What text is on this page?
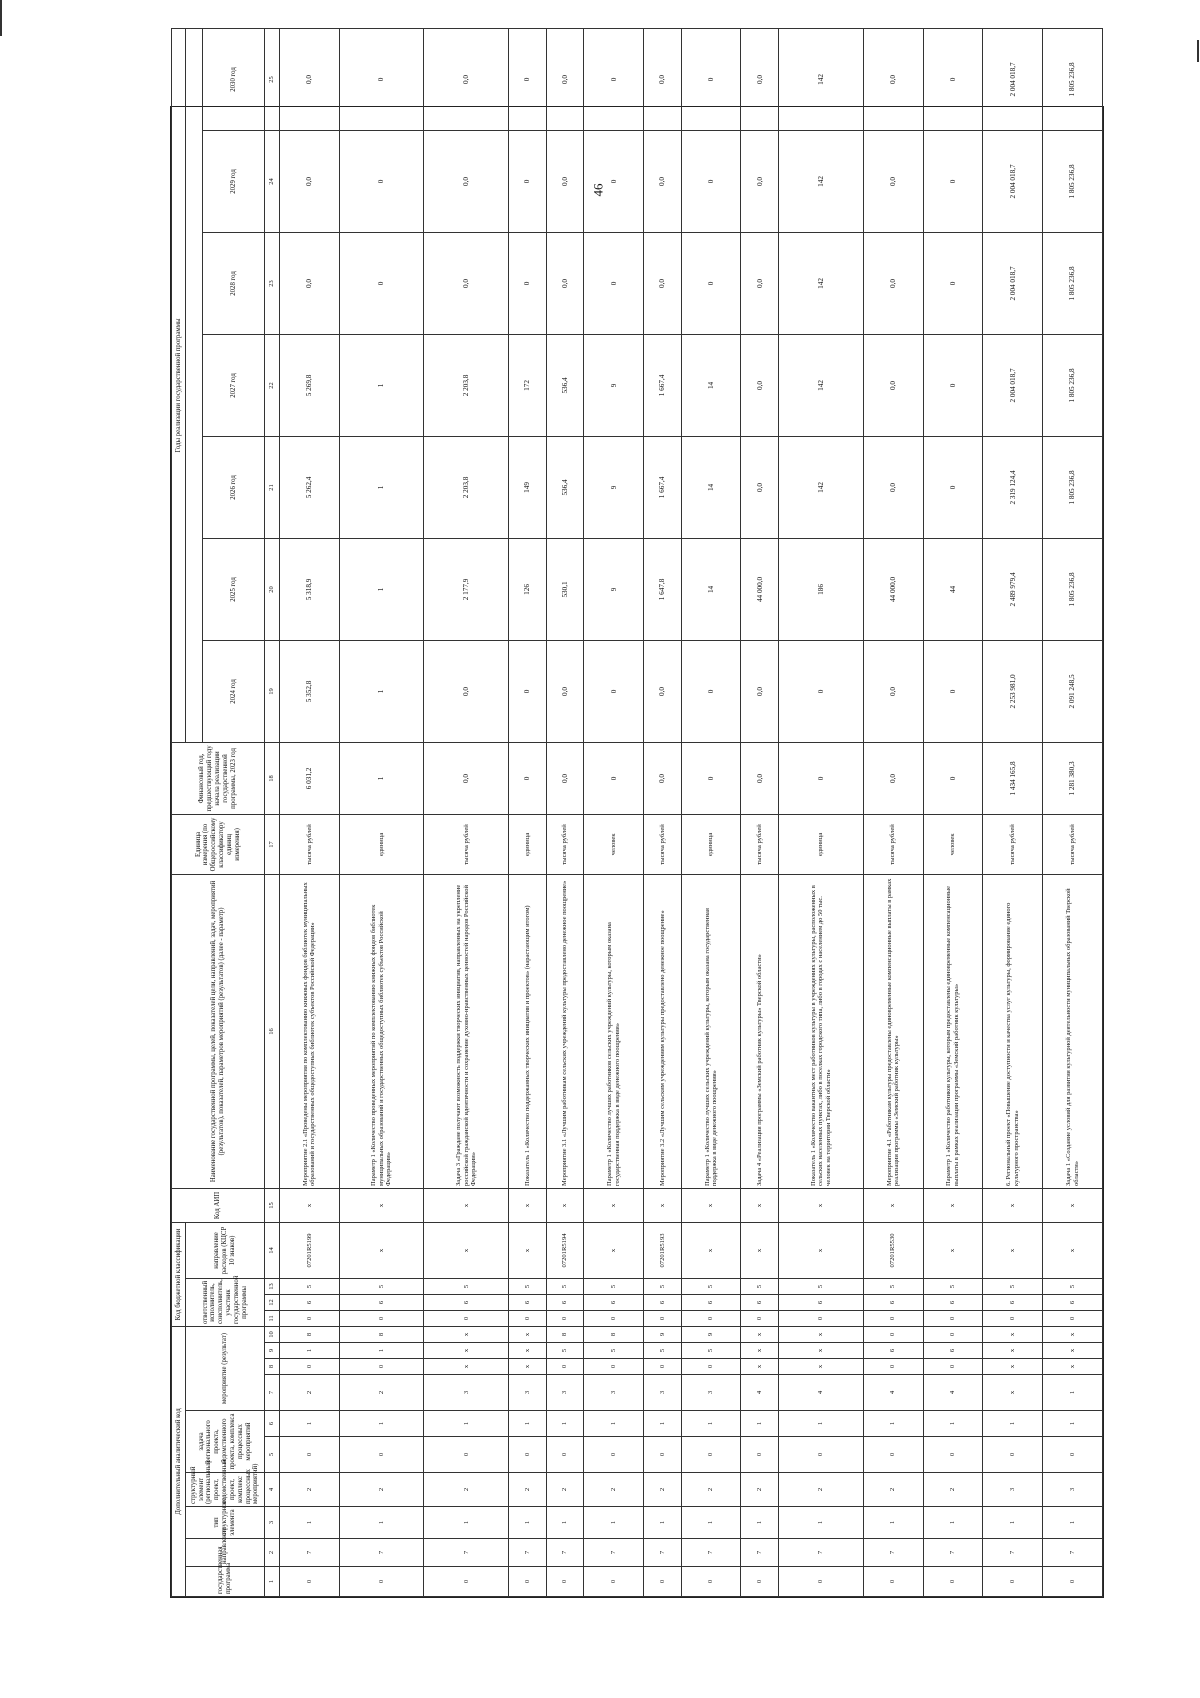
46
Дополнительный аналитический код										Код бюджетной классификации				Код АИП	Наименование государственной программы, целей, показателей цели, направлений, задач, мероприятий (результатов), показателей, параметров мероприятий (результатов) (далее - параметр)	Единица измерения (по Общероссийскому классификатору единиц измерения)	Финансовый год, предшествующий году начала реализации государственной программы, 2023 год	Годы реализации государственной программы						
государственная программа	направление	тип структурного элемента	структурный элемент (региональный проект, ведомственный проект, комплекс процессных мероприятий)	задача регионального проекта, ведомственного проекта, комплекса процессных мероприятий		мероприятие (результат)				ответственный исполнитель, соисполнитель, участник государственной программы			направление расходов (КЦСР 10 знаков)											
																		2024 год	2025 год	2026 год	2027 год	2028 год	2029 год	2030 год
1	2	3	4	5	6	7	8	9	10	11	12	13	14	15	16	17	18	19	20	21	22	23	24	25
0	7	1	2	0	1	2	0	1	8	0	6	5	07201R5199	x	Мероприятие 2.1 «Проведены мероприятия по комплектованию книжных фондов библиотек муниципальных образований и государственных общедоступных библиотек субъектов Российской Федерации»	тысяча рублей	6 031,2	5 352,8	5 318,9	5 262,4	5 269,8	0,0	0,0	0,0
0	7	1	2	0	1	2	0	1	8	0	6	5	x	x	Параметр 1 «Количество проведенных мероприятий по комплектованию книжных фондов библиотек муниципальных образований и государственных общедоступных библиотек субъектов Российской Федерации»	единица	1	1	1	1	1	0	0	0
0	7	1	2	0	1	3	x	x	x	0	6	5	x	x	Задача 3 «Граждане получают возможность поддержки творческих инициатив, направленных на укрепление российской гражданской идентичности и сохранение духовно-нравственных ценностей народов Российской Федерации»	тысяча рублей	0,0	0,0	2 177,9	2 203,8	2 203,8	0,0	0,0	0,0
0	7	1	2	0	1	3	x	x	x	0	6	5	x	x	Показатель 1 «Количество поддержанных творческих инициатив и проектов» (нарастающим итогом)	единица	0	0	126	149	172	0	0	0
0	7	1	2	0	1	3	0	5	8	0	6	5	07201R5194	x	Мероприятие 3.1 «Лучшим работникам сельских учреждений культуры предоставлено денежное поощрение»	тысяча рублей	0,0	0,0	530,1	536,4	536,4	0,0	0,0	0,0
0	7	1	2	0	1	3	0	5	8	0	6	5	x	x	Параметр 1 «Количество лучших работников сельских учреждений культуры, которым оказана государственная поддержка в виде денежного поощрения»	человек	0	0	9	9	9	0	0	0
0	7	1	2	0	1	3	0	5	9	0	6	5	07201R5193	x	Мероприятие 3.2 «Лучшим сельским учреждениям культуры предоставлено денежное поощрение»	тысяча рублей	0,0	0,0	1 647,8	1 667,4	1 667,4	0,0	0,0	0,0
0	7	1	2	0	1	3	0	5	9	0	6	5	x	x	Параметр 1 «Количество лучших сельских учреждений культуры, которым оказана государственная поддержка в виде денежного поощрения»	единица	0	0	14	14	14	0	0	0
0	7	1	2	0	1	4	x	x	x	0	6	5	x	x	Задача 4 «Реализация программы «Земский работник культуры» Тверской области»	тысяча рублей	0,0	0,0	44 000,0	0,0	0,0	0,0	0,0	0,0
0	7	1	2	0	1	4	x	x	x	0	6	5	x	x	Показатель 1 «Количество вакантных мест работников культуры в учреждениях культуры, расположенных в сельских населенных пунктах, либо в поселках городского типа, либо в городах с населением до 50 тыс. человек на территории Тверской области»	единица	0	0	186	142	142	142	142	142
0	7	1	2	0	1	4	0	6	0	0	6	5	07201R5530	x	Мероприятие 4.1 «Работникам культуры предоставлены единовременные компенсационные выплаты в рамках реализации программы «Земский работник культуры»	тысяча рублей	0,0	0,0	44 000,0	0,0	0,0	0,0	0,0	0,0
0	7	1	2	0	1	4	0	6	0	0	6	5	x	x	Параметр 1 «Количество работников культуры, которым предоставлены единовременные компенсационные выплаты в рамках реализации программы «Земский работник культуры»	человек	0	0	44	0	0	0	0	0
0	7	1	3	0	1	x	x	x	x	0	6	5	x	x	6. Региональный проект «Повышение доступности и качества услуг культуры, формирование единого культурного пространства»	тысяча рублей	1 434 165,8	2 253 981,0	2 489 979,4	2 319 124,4	2 004 018,7	2 004 018,7	2 004 018,7	2 004 018,7
0	7	1	3	0	1	1	x	x	x	0	6	5	x	x	Задача 1 «Создание условий для развития культурной деятельности муниципальных образований Тверской области»	тысяча рублей	1 281 380,3	2 091 248,5	1 805 236,8	1 805 236,8	1 805 236,8	1 805 236,8	1 805 236,8	1 805 236,8
